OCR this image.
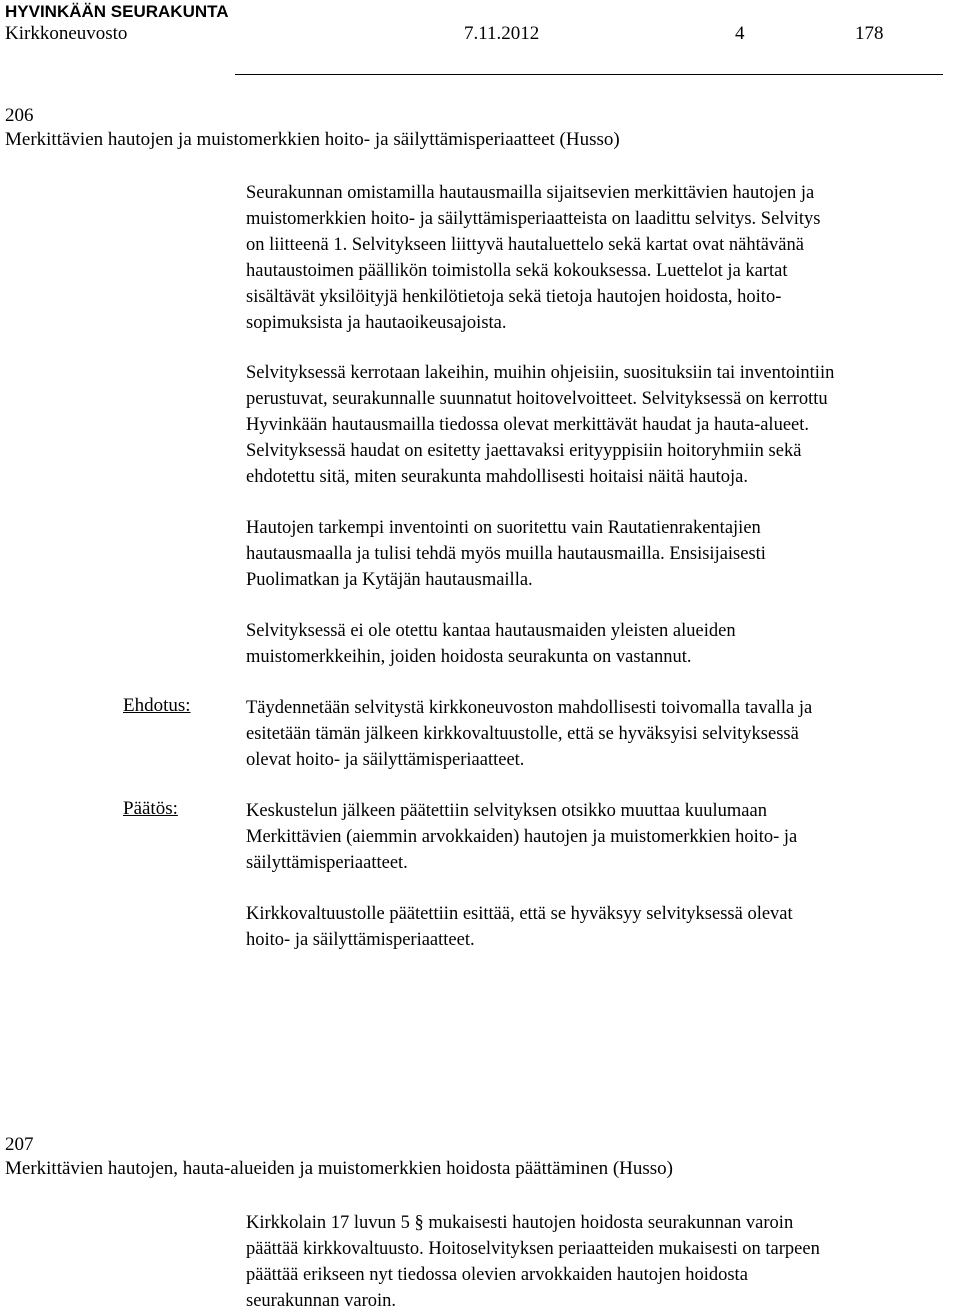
HYVINKÄÄN SEURAKUNTA
Kirkkoneuvosto	7.11.2012	4	178
206
Merkittävien hautojen ja muistomerkkien hoito- ja säilyttämisperiaatteet (Husso)
Seurakunnan omistamilla hautausmailla sijaitsevien merkittävien hautojen ja
muistomerkkien hoito- ja säilyttämisperiaatteista on laadittu selvitys. Selvitys
on liitteenä 1. Selvitykseen liittyvä hautaluettelo sekä kartat ovat nähtävänä
hautaustoimen päällikön toimistolla sekä kokouksessa. Luettelot ja kartat
sisältävät yksilöityjä henkilötietoja sekä tietoja hautojen hoidosta, hoito-
sopimuksista ja hautaoikeusajoista.
Selvityksessä kerrotaan lakeihin, muihin ohjeisiin, suosituksiin tai inventointiin
perustuvat, seurakunnalle suunnatut hoitovelvoitteet. Selvityksessä on kerrottu
Hyvinkään hautausmailla tiedossa olevat merkittävät haudat ja hauta-alueet.
Selvityksessä haudat on esitetty jaettavaksi erityyppisiin hoitoryhmiin sekä
ehdotettu sitä, miten seurakunta mahdollisesti hoitaisi näitä hautoja.
Hautojen tarkempi inventointi on suoritettu vain Rautatienrakentajien
hautausmaalla ja tulisi tehdä myös muilla hautausmailla. Ensisijaisesti
Puolimatkan ja Kytäjän hautausmailla.
Selvityksessä ei ole otettu kantaa hautausmaiden yleisten alueiden
muistomerkkeihin, joiden hoidosta seurakunta on vastannut.
Ehdotus:	Täydennetään selvitystä kirkkoneuvoston mahdollisesti toivomalla tavalla ja
esitetään tämän jälkeen kirkkovaltuustolle, että se hyväksyisi selvityksessä
olevat hoito- ja säilyttämisperiaatteet.
Päätös:	Keskustelun jälkeen päätettiin selvityksen otsikko muuttaa kuulumaan
Merkittävien (aiemmin arvokkaiden) hautojen ja muistomerkkien hoito- ja
säilyttämisperiaatteet.
Kirkkovaltuustolle päätettiin esittää, että se hyväksyy selvityksessä olevat
hoito- ja säilyttämisperiaatteet.
207
Merkittävien hautojen, hauta-alueiden ja muistomerkkien hoidosta päättäminen (Husso)
Kirkkolain 17 luvun 5 § mukaisesti hautojen hoidosta seurakunnan varoin
päättää kirkkovaltuusto. Hoitoselvityksen periaatteiden mukaisesti on tarpeen
päättää erikseen nyt tiedossa olevien arvokkaiden hautojen hoidosta
seurakunnan varoin.
